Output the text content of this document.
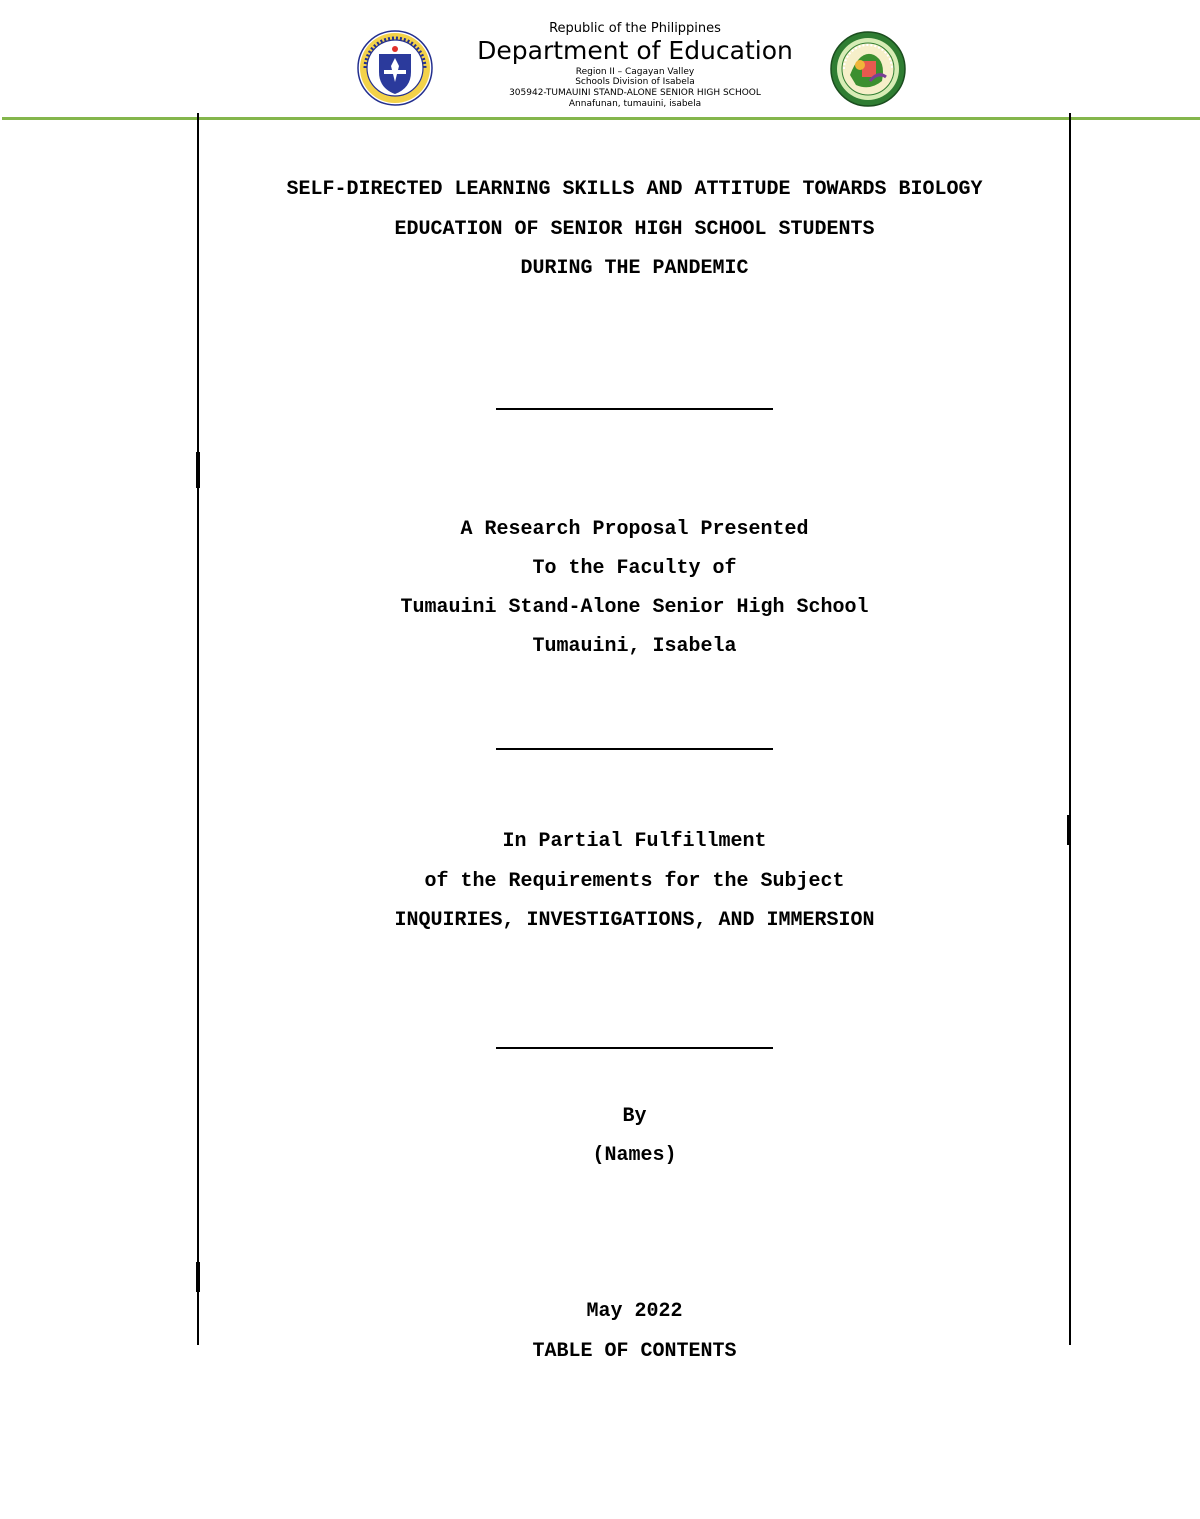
Republic of the Philippines
Department of Education
Region II – Cagayan Valley
Schools Division of Isabela
305942-TUMAUINI STAND-ALONE SENIOR HIGH SCHOOL
Annafunan, tumauini, isabela
SELF-DIRECTED LEARNING SKILLS AND ATTITUDE TOWARDS BIOLOGY
EDUCATION OF SENIOR HIGH SCHOOL STUDENTS
DURING THE PANDEMIC
A Research Proposal Presented
To the Faculty of
Tumauini Stand-Alone Senior High School
Tumauini, Isabela
In Partial Fulfillment
of the Requirements for the Subject
INQUIRIES, INVESTIGATIONS, AND IMMERSION
By
(Names)
May 2022
TABLE OF CONTENTS
